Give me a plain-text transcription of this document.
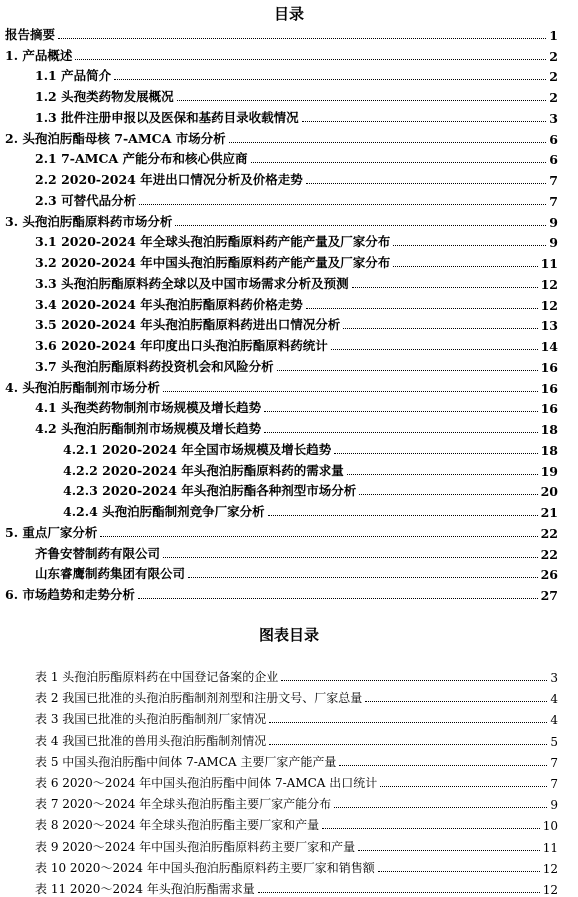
目录
报告摘要	1
1. 产品概述	2
1.1 产品简介	2
1.2 头孢类药物发展概况	2
1.3 批件注册申报以及医保和基药目录收载情况	3
2. 头孢泊肟酯母核 7-AMCA 市场分析	6
2.1 7-AMCA 产能分布和核心供应商	6
2.2 2020-2024 年进出口情况分析及价格走势	7
2.3 可替代品分析	7
3. 头孢泊肟酯原料药市场分析	9
3.1 2020-2024 年全球头孢泊肟酯原料药产能产量及厂家分布	9
3.2 2020-2024 年中国头孢泊肟酯原料药产能产量及厂家分布	11
3.3 头孢泊肟酯原料药全球以及中国市场需求分析及预测	12
3.4 2020-2024 年头孢泊肟酯原料药价格走势	12
3.5 2020-2024 年头孢泊肟酯原料药进出口情况分析	13
3.6 2020-2024 年印度出口头孢泊肟酯原料药统计	14
3.7 头孢泊肟酯原料药投资机会和风险分析	16
4. 头孢泊肟酯制剂市场分析	16
4.1 头孢类药物制剂市场规模及增长趋势	16
4.2 头孢泊肟酯制剂市场规模及增长趋势	18
4.2.1 2020-2024 年全国市场规模及增长趋势	18
4.2.2 2020-2024 年头孢泊肟酯原料药的需求量	19
4.2.3 2020-2024 年头孢泊肟酯各种剂型市场分析	20
4.2.4 头孢泊肟酯制剂竞争厂家分析	21
5. 重点厂家分析	22
齐鲁安替制药有限公司	22
山东睿鹰制药集团有限公司	26
6. 市场趋势和走势分析	27
图表目录
表 1 头孢泊肟酯原料药在中国登记备案的企业	3
表 2 我国已批准的头孢泊肟酯制剂剂型和注册文号、厂家总量	4
表 3 我国已批准的头孢泊肟酯制剂厂家情况	4
表 4 我国已批准的兽用头孢泊肟酯制剂情况	5
表 5 中国头孢泊肟酯中间体 7-AMCA 主要厂家产能产量	7
表 6 2020～2024 年中国头孢泊肟酯中间体 7-AMCA 出口统计	7
表 7 2020～2024 年全球头孢泊肟酯主要厂家产能分布	9
表 8 2020～2024 年全球头孢泊肟酯主要厂家和产量	10
表 9 2020～2024 年中国头孢泊肟酯原料药主要厂家和产量	11
表 10 2020～2024 年中国头孢泊肟酯原料药主要厂家和销售额	12
表 11 2020～2024 年头孢泊肟酯需求量	12
